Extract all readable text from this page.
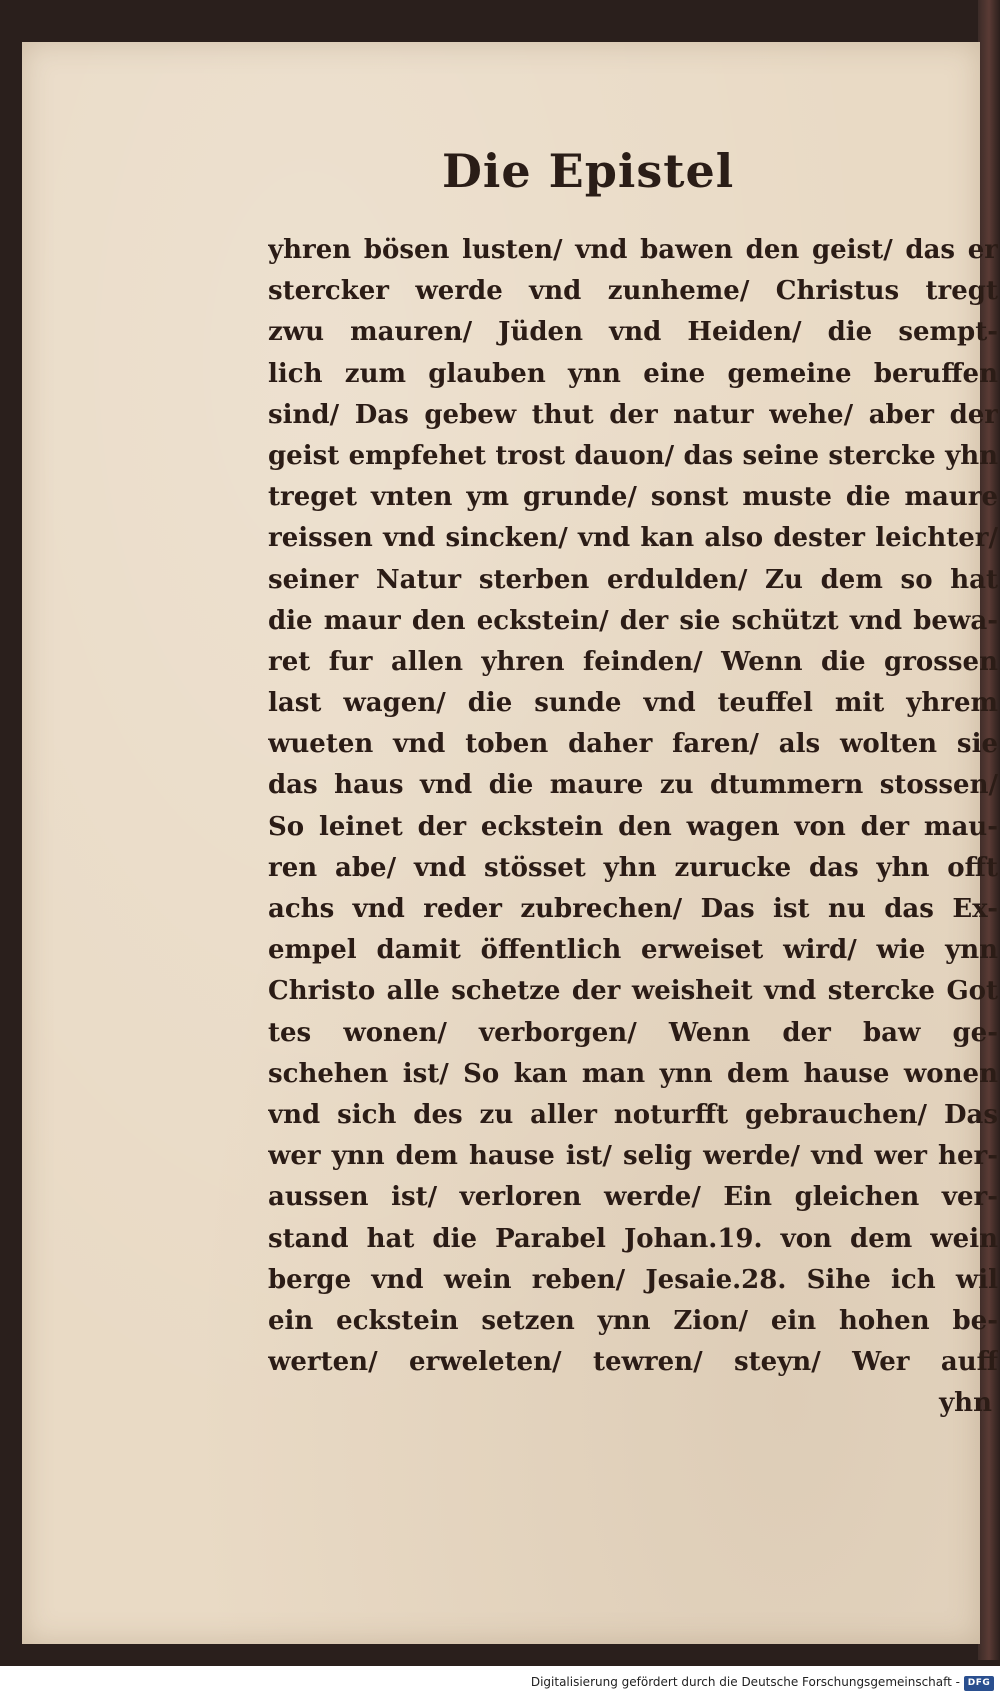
Die Epistel
yhren bösen lusten/ vnd bawen den geist/ das er
stercker werde vnd zunheme/ Christus tregt
zwu mauren/ Jüden vnd Heiden/ die sempt-
lich zum glauben ynn eine gemeine beruffen
sind/ Das gebew thut der natur wehe/ aber der
geist empfehet trost dauon/ das seine stercke yhn
treget vnten ym grunde/ sonst muste die maure
reissen vnd sincken/ vnd kan also dester leichter/
seiner Natur sterben erdulden/ Zu dem so hat
die maur den eckstein/ der sie schützt vnd bewa-
ret fur allen yhren feinden/ Wenn die grossen
last wagen/ die sunde vnd teuffel mit yhrem
wueten vnd toben daher faren/ als wolten sie
das haus vnd die maure zu dtummern stossen/
So leinet der eckstein den wagen von der mau-
ren abe/ vnd stösset yhn zurucke das yhn offt
achs vnd reder zubrechen/ Das ist nu das Ex-
empel damit öffentlich erweiset wird/ wie ynn
Christo alle schetze der weisheit vnd stercke Got
tes wonen/ verborgen/ Wenn der baw ge-
schehen ist/ So kan man ynn dem hause wonen
vnd sich des zu aller noturfft gebrauchen/ Das
wer ynn dem hause ist/ selig werde/ vnd wer her-
aussen ist/ verloren werde/ Ein gleichen ver-
stand hat die Parabel Johan.19. von dem wein
berge vnd wein reben/ Jesaie.28. Sihe ich wil
ein eckstein setzen ynn Zion/ ein hohen be-
werten/ erweleten/ tewren/ steyn/ Wer auff
yhn
Digitalisierung gefördert durch die Deutsche Forschungsgemeinschaft - DFG
